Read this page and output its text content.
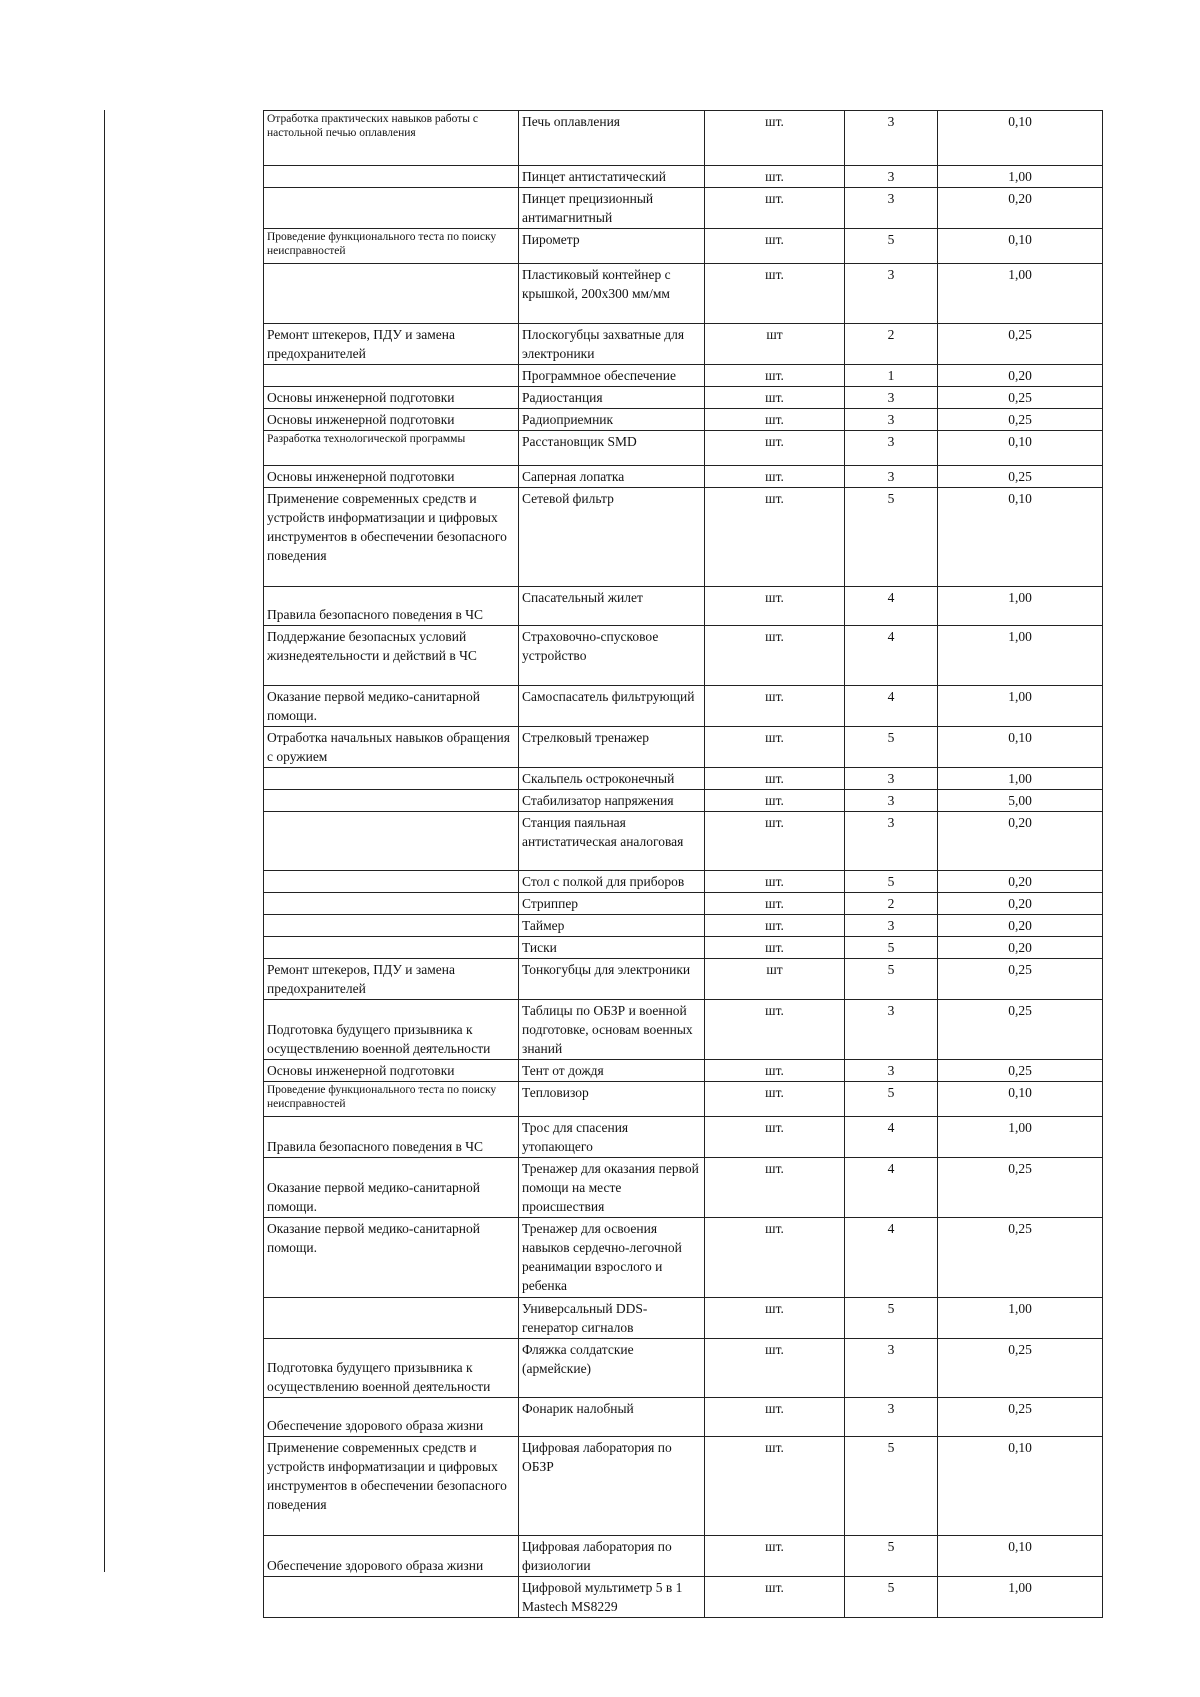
Отработка практических навыков работы с настольной печью оплавления	Печь оплавления	шт.	3	0,10
	Пинцет антистатический	шт.	3	1,00
	Пинцет прецизионный антимагнитный	шт.	3	0,20
Проведение функционального теста по поиску неисправностей	Пирометр	шт.	5	0,10
	Пластиковый контейнер с крышкой, 200х300 мм/мм	шт.	3	1,00
Ремонт штекеров, ПДУ и замена предохранителей	Плоскогубцы захватные для электроники	шт	2	0,25
	Программное обеспечение	шт.	1	0,20
Основы инженерной подготовки	Радиостанция	шт.	3	0,25
Основы инженерной подготовки	Радиоприемник	шт.	3	0,25
Разработка технологической программы	Расстановщик SMD	шт.	3	0,10
Основы инженерной подготовки	Саперная лопатка	шт.	3	0,25
Применение современных средств и устройств информатизации и цифровых инструментов в обеспечении безопасного поведения	Сетевой фильтр	шт.	5	0,10
Правила безопасного поведения в ЧС	Спасательный жилет	шт.	4	1,00
Поддержание безопасных условий жизнедеятельности и действий в ЧС	Страховочно-спусковое устройство	шт.	4	1,00
Оказание первой медико-санитарной помощи.	Самоспасатель фильтрующий	шт.	4	1,00
Отработка начальных навыков обращения с оружием	Стрелковый тренажер	шт.	5	0,10
	Скальпель остроконечный	шт.	3	1,00
	Стабилизатор напряжения	шт.	3	5,00
	Станция паяльная антистатическая аналоговая	шт.	3	0,20
	Стол с полкой для приборов	шт.	5	0,20
	Стриппер	шт.	2	0,20
	Таймер	шт.	3	0,20
	Тиски	шт.	5	0,20
Ремонт штекеров, ПДУ и замена предохранителей	Тонкогубцы для электроники	шт	5	0,25
Подготовка будущего призывника к осуществлению военной деятельности	Таблицы по ОБЗР и военной подготовке, основам военных знаний	шт.	3	0,25
Основы инженерной подготовки	Тент от дождя	шт.	3	0,25
Проведение функционального теста по поиску неисправностей	Тепловизор	шт.	5	0,10
Правила безопасного поведения в ЧС	Трос для спасения утопающего	шт.	4	1,00
Оказание первой медико-санитарной помощи.	Тренажер для оказания первой помощи на месте происшествия	шт.	4	0,25
Оказание первой медико-санитарной помощи.	Тренажер для освоения навыков сердечно-легочной реанимации взрослого и ребенка	шт.	4	0,25
	Универсальный DDS-генератор сигналов	шт.	5	1,00
Подготовка будущего призывника к осуществлению военной деятельности	Фляжка солдатские (армейские)	шт.	3	0,25
Обеспечение здорового образа жизни	Фонарик налобный	шт.	3	0,25
Применение современных средств и устройств информатизации и цифровых инструментов в обеспечении безопасного поведения	Цифровая лаборатория по ОБЗР	шт.	5	0,10
Обеспечение здорового образа жизни	Цифровая лаборатория по физиологии	шт.	5	0,10
	Цифровой мультиметр 5 в 1 Mastech MS8229	шт.	5	1,00
